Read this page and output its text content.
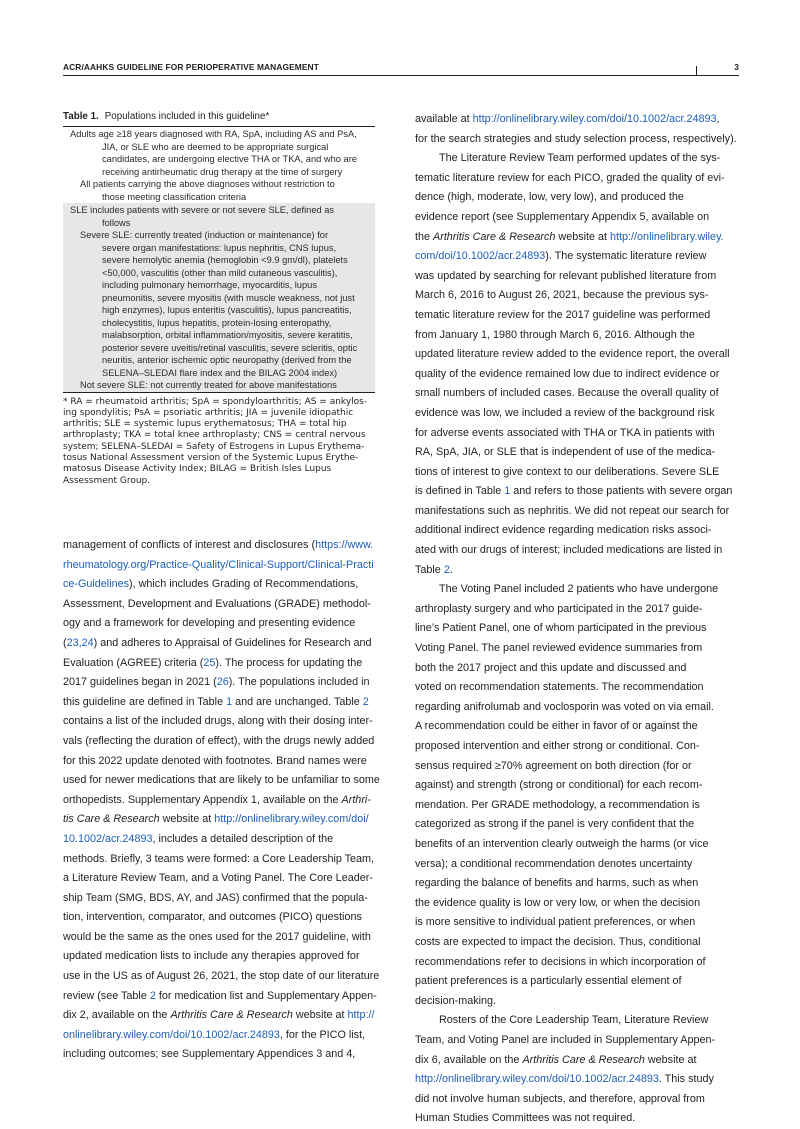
ACR/AAHKS GUIDELINE FOR PERIOPERATIVE MANAGEMENT	3
Table 1. Populations included in this guideline*
Adults age ≥18 years diagnosed with RA, SpA, including AS and PsA,
JIA, or SLE who are deemed to be appropriate surgical
candidates, are undergoing elective THA or TKA, and who are
receiving antirheumatic drug therapy at the time of surgery
All patients carrying the above diagnoses without restriction to
those meeting classification criteria
SLE includes patients with severe or not severe SLE, defined as
follows
Severe SLE: currently treated (induction or maintenance) for
severe organ manifestations: lupus nephritis, CNS lupus,
severe hemolytic anemia (hemoglobin <9.9 gm/dl), platelets
<50,000, vasculitis (other than mild cutaneous vasculitis),
including pulmonary hemorrhage, myocarditis, lupus
pneumonitis, severe myositis (with muscle weakness, not just
high enzymes), lupus enteritis (vasculitis), lupus pancreatitis,
cholecystitis, lupus hepatitis, protein-losing enteropathy,
malabsorption, orbital inflammation/myositis, severe keratitis,
posterior severe uveitis/retinal vasculitis, severe scleritis, optic
neuritis, anterior ischemic optic neuropathy (derived from the
SELENA–SLEDAI flare index and the BILAG 2004 index)
Not severe SLE: not currently treated for above manifestations
* RA = rheumatoid arthritis; SpA = spondyloarthritis; AS = ankylos-
ing spondylitis; PsA = psoriatic arthritis; JIA = juvenile idiopathic
arthritis; SLE = systemic lupus erythematosus; THA = total hip
arthroplasty; TKA = total knee arthroplasty; CNS = central nervous
system; SELENA–SLEDAI = Safety of Estrogens in Lupus Erythema-
tosus National Assessment version of the Systemic Lupus Erythe-
matosus Disease Activity Index; BILAG = British Isles Lupus
Assessment Group.
management of conflicts of interest and disclosures (https://www.
rheumatology.org/Practice-Quality/Clinical-Support/Clinical-Practi
ce-Guidelines), which includes Grading of Recommendations,
Assessment, Development and Evaluations (GRADE) methodol-
ogy and a framework for developing and presenting evidence
(23,24) and adheres to Appraisal of Guidelines for Research and
Evaluation (AGREE) criteria (25). The process for updating the
2017 guidelines began in 2021 (26). The populations included in
this guideline are defined in Table 1 and are unchanged. Table 2
contains a list of the included drugs, along with their dosing inter-
vals (reflecting the duration of effect), with the drugs newly added
for this 2022 update denoted with footnotes. Brand names were
used for newer medications that are likely to be unfamiliar to some
orthopedists. Supplementary Appendix 1, available on the Arthri-
tis Care & Research website at http://onlinelibrary.wiley.com/doi/
10.1002/acr.24893, includes a detailed description of the
methods. Briefly, 3 teams were formed: a Core Leadership Team,
a Literature Review Team, and a Voting Panel. The Core Leader-
ship Team (SMG, BDS, AY, and JAS) confirmed that the popula-
tion, intervention, comparator, and outcomes (PICO) questions
would be the same as the ones used for the 2017 guideline, with
updated medication lists to include any therapies approved for
use in the US as of August 26, 2021, the stop date of our literature
review (see Table 2 for medication list and Supplementary Appen-
dix 2, available on the Arthritis Care & Research website at http://
onlinelibrary.wiley.com/doi/10.1002/acr.24893, for the PICO list,
including outcomes; see Supplementary Appendices 3 and 4,
available at http://onlinelibrary.wiley.com/doi/10.1002/acr.24893,
for the search strategies and study selection process, respectively).
The Literature Review Team performed updates of the sys-
tematic literature review for each PICO, graded the quality of evi-
dence (high, moderate, low, very low), and produced the
evidence report (see Supplementary Appendix 5, available on
the Arthritis Care & Research website at http://onlinelibrary.wiley.
com/doi/10.1002/acr.24893). The systematic literature review
was updated by searching for relevant published literature from
March 6, 2016 to August 26, 2021, because the previous sys-
tematic literature review for the 2017 guideline was performed
from January 1, 1980 through March 6, 2016. Although the
updated literature review added to the evidence report, the overall
quality of the evidence remained low due to indirect evidence or
small numbers of included cases. Because the overall quality of
evidence was low, we included a review of the background risk
for adverse events associated with THA or TKA in patients with
RA, SpA, JIA, or SLE that is independent of use of the medica-
tions of interest to give context to our deliberations. Severe SLE
is defined in Table 1 and refers to those patients with severe organ
manifestations such as nephritis. We did not repeat our search for
additional indirect evidence regarding medication risks associ-
ated with our drugs of interest; included medications are listed in
Table 2.
The Voting Panel included 2 patients who have undergone
arthroplasty surgery and who participated in the 2017 guide-
line’s Patient Panel, one of whom participated in the previous
Voting Panel. The panel reviewed evidence summaries from
both the 2017 project and this update and discussed and
voted on recommendation statements. The recommendation
regarding anifrolumab and voclosporin was voted on via email.
A recommendation could be either in favor of or against the
proposed intervention and either strong or conditional. Con-
sensus required ≥70% agreement on both direction (for or
against) and strength (strong or conditional) for each recom-
mendation. Per GRADE methodology, a recommendation is
categorized as strong if the panel is very confident that the
benefits of an intervention clearly outweigh the harms (or vice
versa); a conditional recommendation denotes uncertainty
regarding the balance of benefits and harms, such as when
the evidence quality is low or very low, or when the decision
is more sensitive to individual patient preferences, or when
costs are expected to impact the decision. Thus, conditional
recommendations refer to decisions in which incorporation of
patient preferences is a particularly essential element of
decision-making.
Rosters of the Core Leadership Team, Literature Review
Team, and Voting Panel are included in Supplementary Appen-
dix 6, available on the Arthritis Care & Research website at
http://onlinelibrary.wiley.com/doi/10.1002/acr.24893. This study
did not involve human subjects, and therefore, approval from
Human Studies Committees was not required.
